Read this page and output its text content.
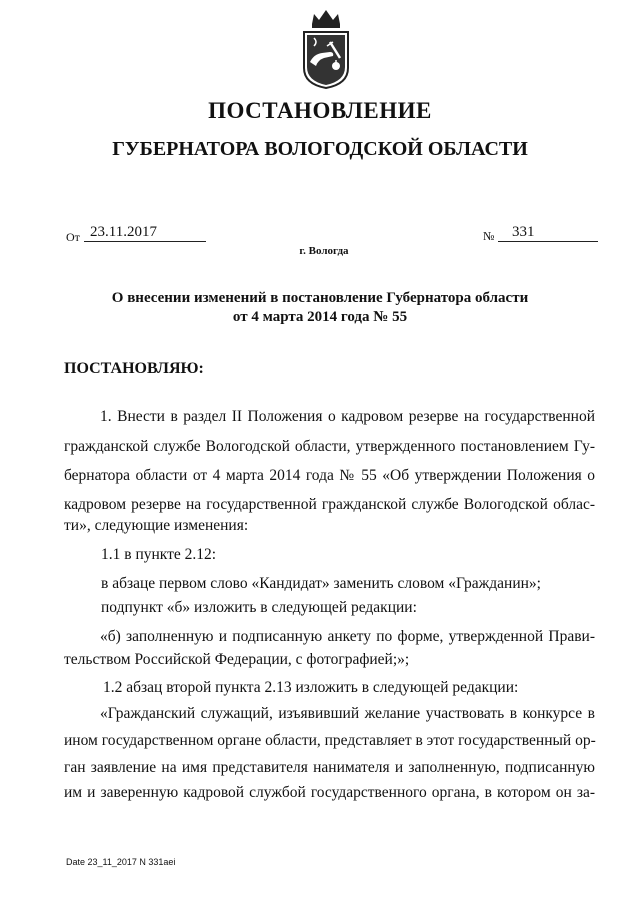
ПОСТАНОВЛЕНИЕ
ГУБЕРНАТОРА ВОЛОГОДСКОЙ ОБЛАСТИ
От 23.11.2017	№	331
г. Вологда
О внесении изменений в постановление Губернатора области
от 4 марта 2014 года № 55
ПОСТАНОВЛЯЮ:
1. Внести в раздел II Положения о кадровом резерве на государственной
гражданской службе Вологодской области, утвержденного постановлением Гу-
бернатора области от 4 марта 2014 года № 55 «Об утверждении Положения о
кадровом резерве на государственной гражданской службе Вологодской облас-
ти», следующие изменения:
1.1 в пункте 2.12:
в абзаце первом слово «Кандидат» заменить словом «Гражданин»;
подпункт «б» изложить в следующей редакции:
«б) заполненную и подписанную анкету по форме, утвержденной Прави-
тельством Российской Федерации, с фотографией;»;
1.2 абзац второй пункта 2.13 изложить в следующей редакции:
«Гражданский служащий, изъявивший желание участвовать в конкурсе в
ином государственном органе области, представляет в этот государственный ор-
ган заявление на имя представителя нанимателя и заполненную, подписанную
им и заверенную кадровой службой государственного органа, в котором он за-
Date 23_11_2017 N 331aei
